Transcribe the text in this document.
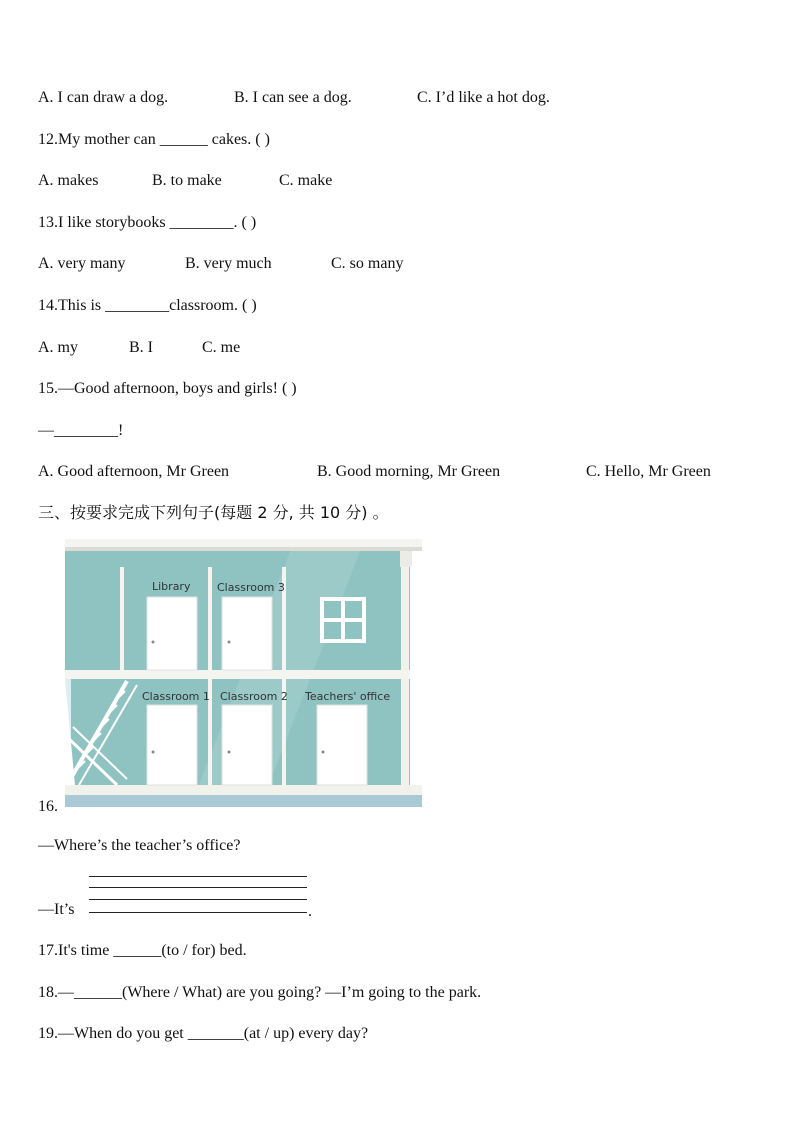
A. I can draw a dog.	B. I can see a dog.	C. I’d like a hot dog.
12.My mother can ______ cakes. ( )
A. makes	B. to make	C. make
13.I like storybooks ________. ( )
A. very many	B. very much	C. so many
14.This is ________classroom. ( )
A. my	B. I	C. me
15.—Good afternoon, boys and girls! ( )
—________!
A. Good afternoon, Mr Green	B. Good morning, Mr Green	C. Hello, Mr Green
三、按要求完成下列句子(每题 2 分, 共 10 分) 。
Library Classroom 3
Classroom 1 Classroom 2 Teachers' office
16.
—Where’s the teacher’s office?
—It’s	.
17.It's time ______(to / for) bed.
18.—______(Where / What) are you going? —I’m going to the park.
19.—When do you get _______(at / up) every day?
